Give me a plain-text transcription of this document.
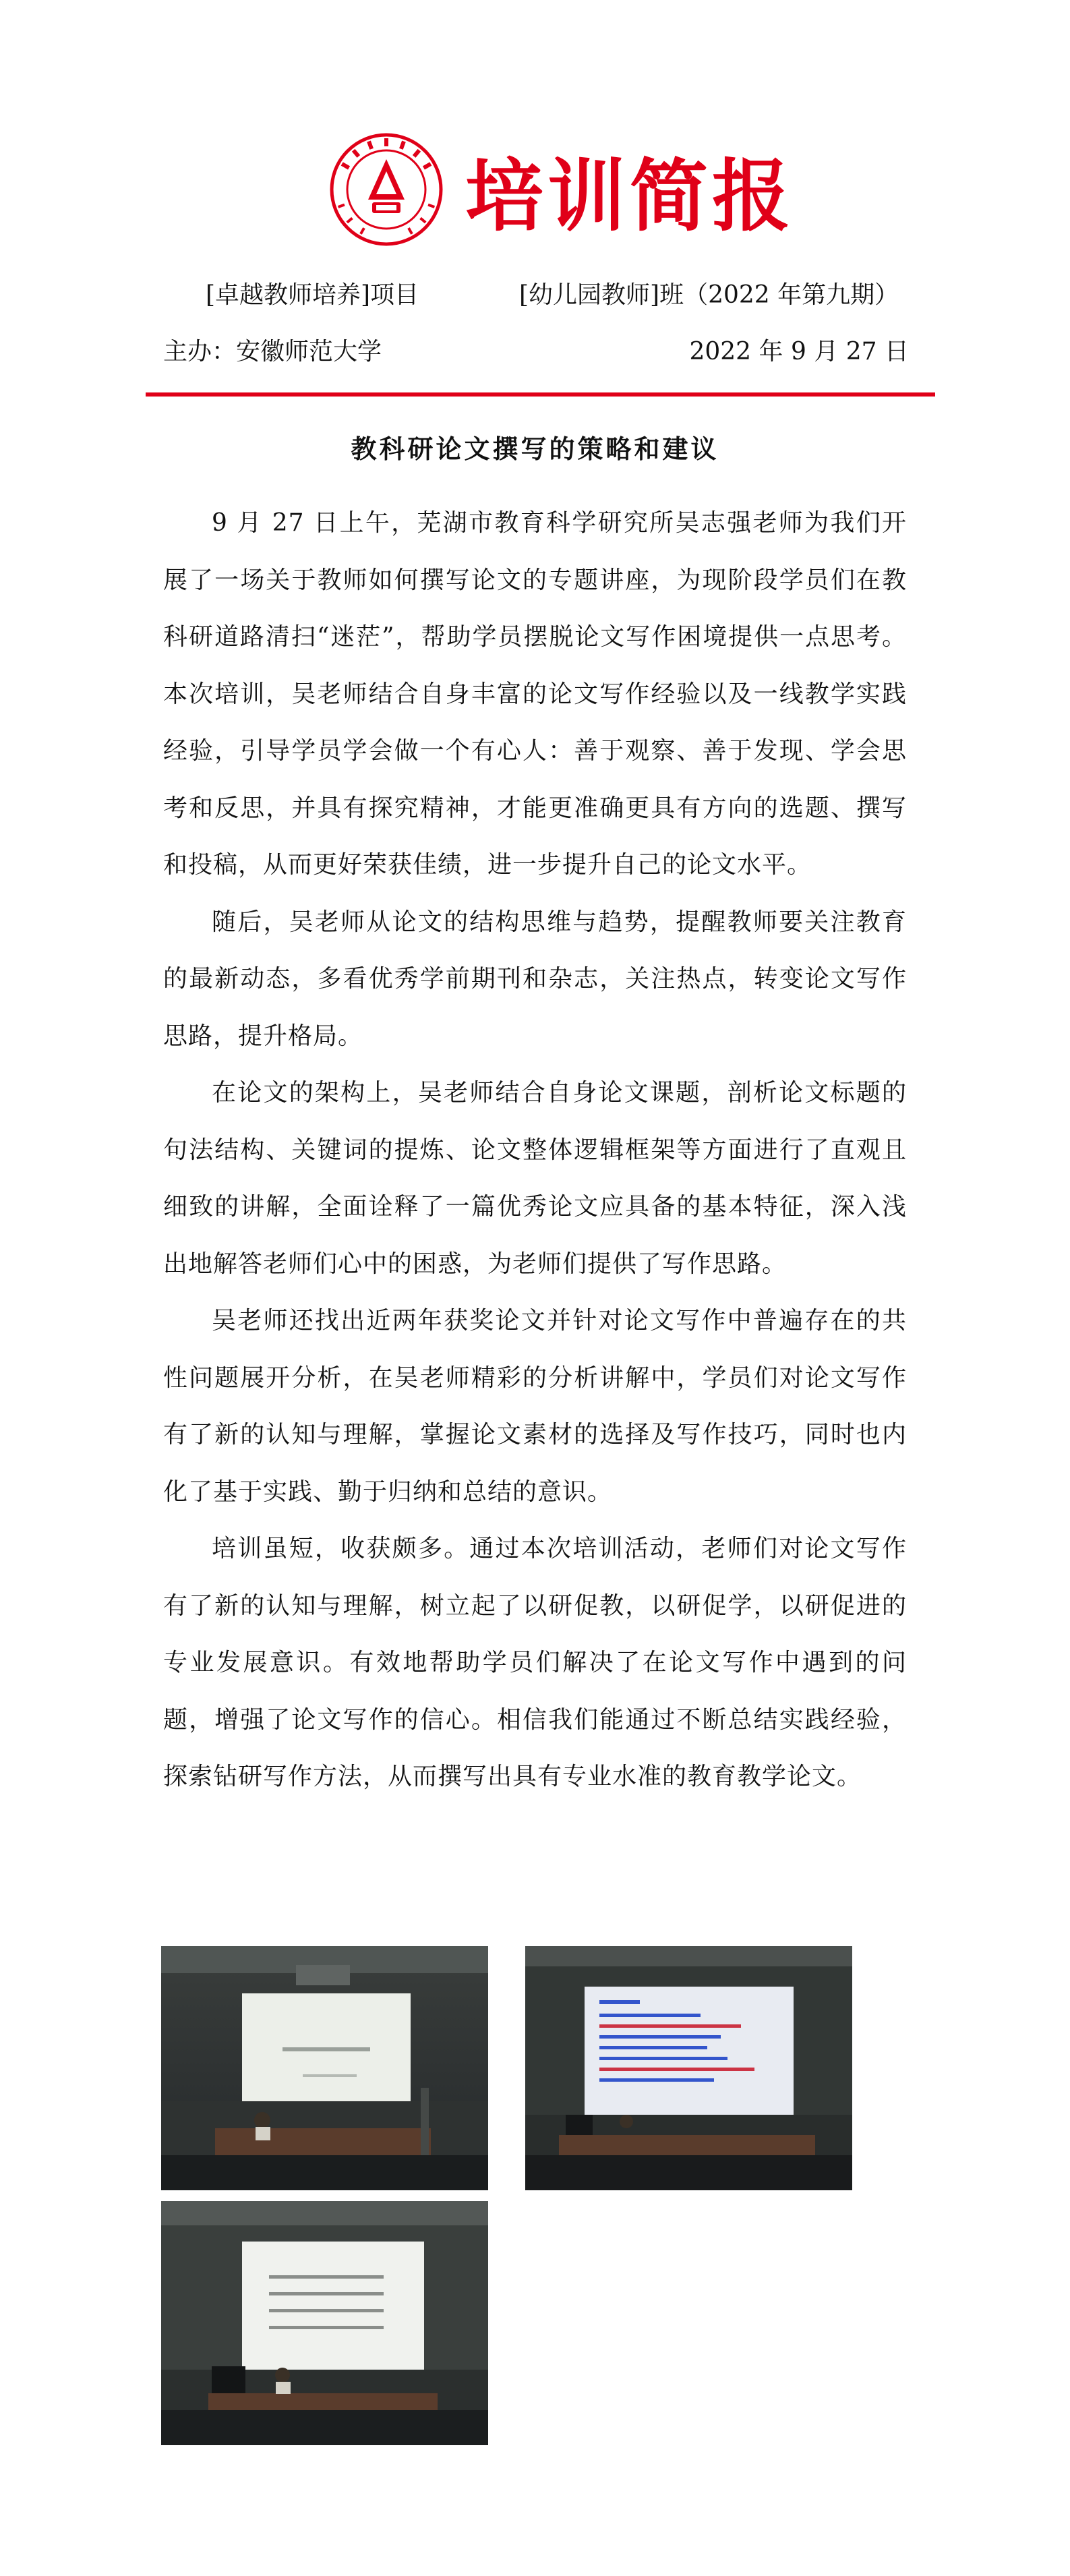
培训简报
[卓越教师培养]项目	[幼儿园教师]班（2022 年第九期）
主办：安徽师范大学	2022 年 9 月 27 日
教科研论文撰写的策略和建议

9 月 27 日上午，芜湖市教育科学研究所吴志强老师为我们开展了一场关于教师如何撰写论文的专题讲座，为现阶段学员们在教科研道路清扫“迷茫”，帮助学员摆脱论文写作困境提供一点思考。本次培训，吴老师结合自身丰富的论文写作经验以及一线教学实践经验，引导学员学会做一个有心人：善于观察、善于发现、学会思考和反思，并具有探究精神，才能更准确更具有方向的选题、撰写和投稿，从而更好荣获佳绩，进一步提升自己的论文水平。

随后，吴老师从论文的结构思维与趋势，提醒教师要关注教育的最新动态，多看优秀学前期刊和杂志，关注热点，转变论文写作思路，提升格局。

在论文的架构上，吴老师结合自身论文课题，剖析论文标题的句法结构、关键词的提炼、论文整体逻辑框架等方面进行了直观且细致的讲解，全面诠释了一篇优秀论文应具备的基本特征，深入浅出地解答老师们心中的困惑，为老师们提供了写作思路。

吴老师还找出近两年获奖论文并针对论文写作中普遍存在的共性问题展开分析，在吴老师精彩的分析讲解中，学员们对论文写作有了新的认知与理解，掌握论文素材的选择及写作技巧，同时也内化了基于实践、勤于归纳和总结的意识。

培训虽短，收获颇多。通过本次培训活动，老师们对论文写作有了新的认知与理解，树立起了以研促教，以研促学，以研促进的专业发展意识。有效地帮助学员们解决了在论文写作中遇到的问题，增强了论文写作的信心。相信我们能通过不断总结实践经验，探索钻研写作方法，从而撰写出具有专业水准的教育教学论文。
